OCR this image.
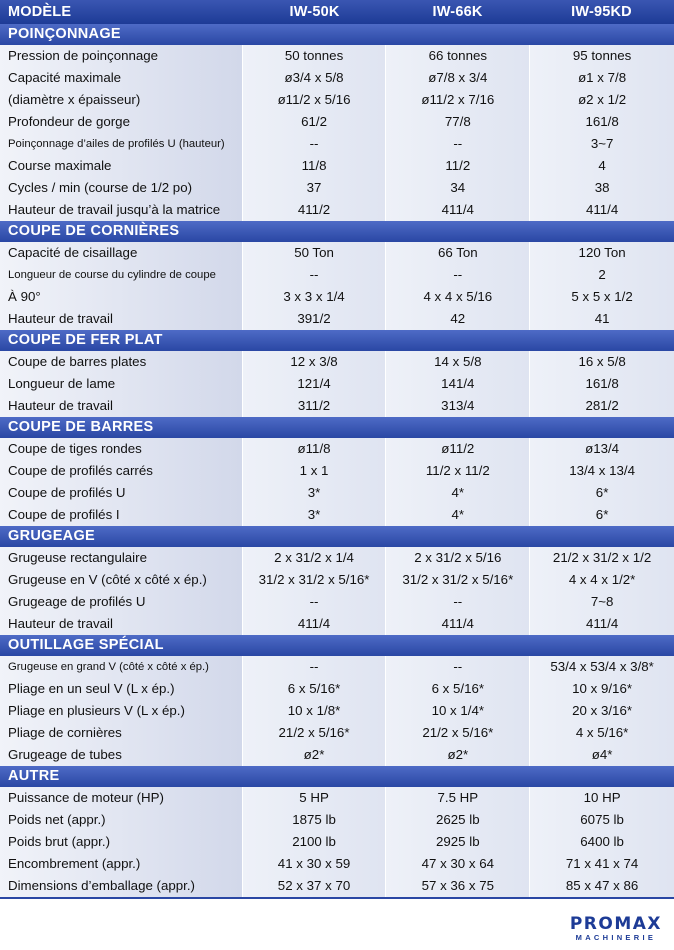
MODÈLE	IW-50K	IW-66K	IW-95KD
POINÇONNAGE
Pression de poinçonnage	50 tonnes	66 tonnes	95 tonnes
Capacité maximale	ø3/4 x 5/8	ø7/8 x 3/4	ø1 x 7/8
(diamètre x épaisseur)	ø11/2 x 5/16	ø11/2 x 7/16	ø2 x 1/2
Profondeur de gorge	61/2	77/8	161/8
Poinçonnage d’ailes de profilés U (hauteur)	--	--	3~7
Course maximale	11/8	11/2	4
Cycles / min (course de 1/2 po)	37	34	38
Hauteur de travail jusqu’à la matrice	411/2	411/4	411/4
COUPE DE CORNIÈRES
Capacité de cisaillage	50 Ton	66 Ton	120 Ton
Longueur de course du cylindre de coupe	--	--	2
À 90°	3 x 3 x 1/4	4 x 4 x 5/16	5 x 5 x 1/2
Hauteur de travail	391/2	42	41
COUPE DE FER PLAT
Coupe de barres plates	12 x 3/8	14 x 5/8	16 x 5/8
Longueur de lame	121/4	141/4	161/8
Hauteur de travail	311/2	313/4	281/2
COUPE DE BARRES
Coupe de tiges rondes	ø11/8	ø11/2	ø13/4
Coupe de profilés carrés	1 x 1	11/2 x 11/2	13/4 x 13/4
Coupe de profilés U	3*	4*	6*
Coupe de profilés I	3*	4*	6*
GRUGEAGE
Grugeuse rectangulaire	2 x 31/2 x 1/4	2 x 31/2 x 5/16	21/2 x 31/2 x 1/2
Grugeuse en V (côté x côté x ép.)	31/2 x 31/2 x 5/16*	31/2 x 31/2 x 5/16*	4 x 4 x 1/2*
Grugeage de profilés U	--	--	7~8
Hauteur de travail	411/4	411/4	411/4
OUTILLAGE SPÉCIAL
Grugeuse en grand V (côté x côté x ép.)	--	--	53/4 x 53/4 x 3/8*
Pliage en un seul V (L x ép.)	6 x 5/16*	6 x 5/16*	10 x 9/16*
Pliage en plusieurs V (L x ép.)	10 x 1/8*	10 x 1/4*	20 x 3/16*
Pliage de cornières	21/2 x 5/16*	21/2 x 5/16*	4 x 5/16*
Grugeage de tubes	ø2*	ø2*	ø4*
AUTRE
Puissance de moteur (HP)	5 HP	7.5 HP	10 HP
Poids net (appr.)	1875 lb	2625 lb	6075 lb
Poids brut (appr.)	2100 lb	2925 lb	6400 lb
Encombrement (appr.)	41 x 30 x 59	47 x 30 x 64	71 x 41 x 74
Dimensions d’emballage (appr.)	52 x 37 x 70	57 x 36 x 75	85 x 47 x 86
PROMAX
MACHINERIE
